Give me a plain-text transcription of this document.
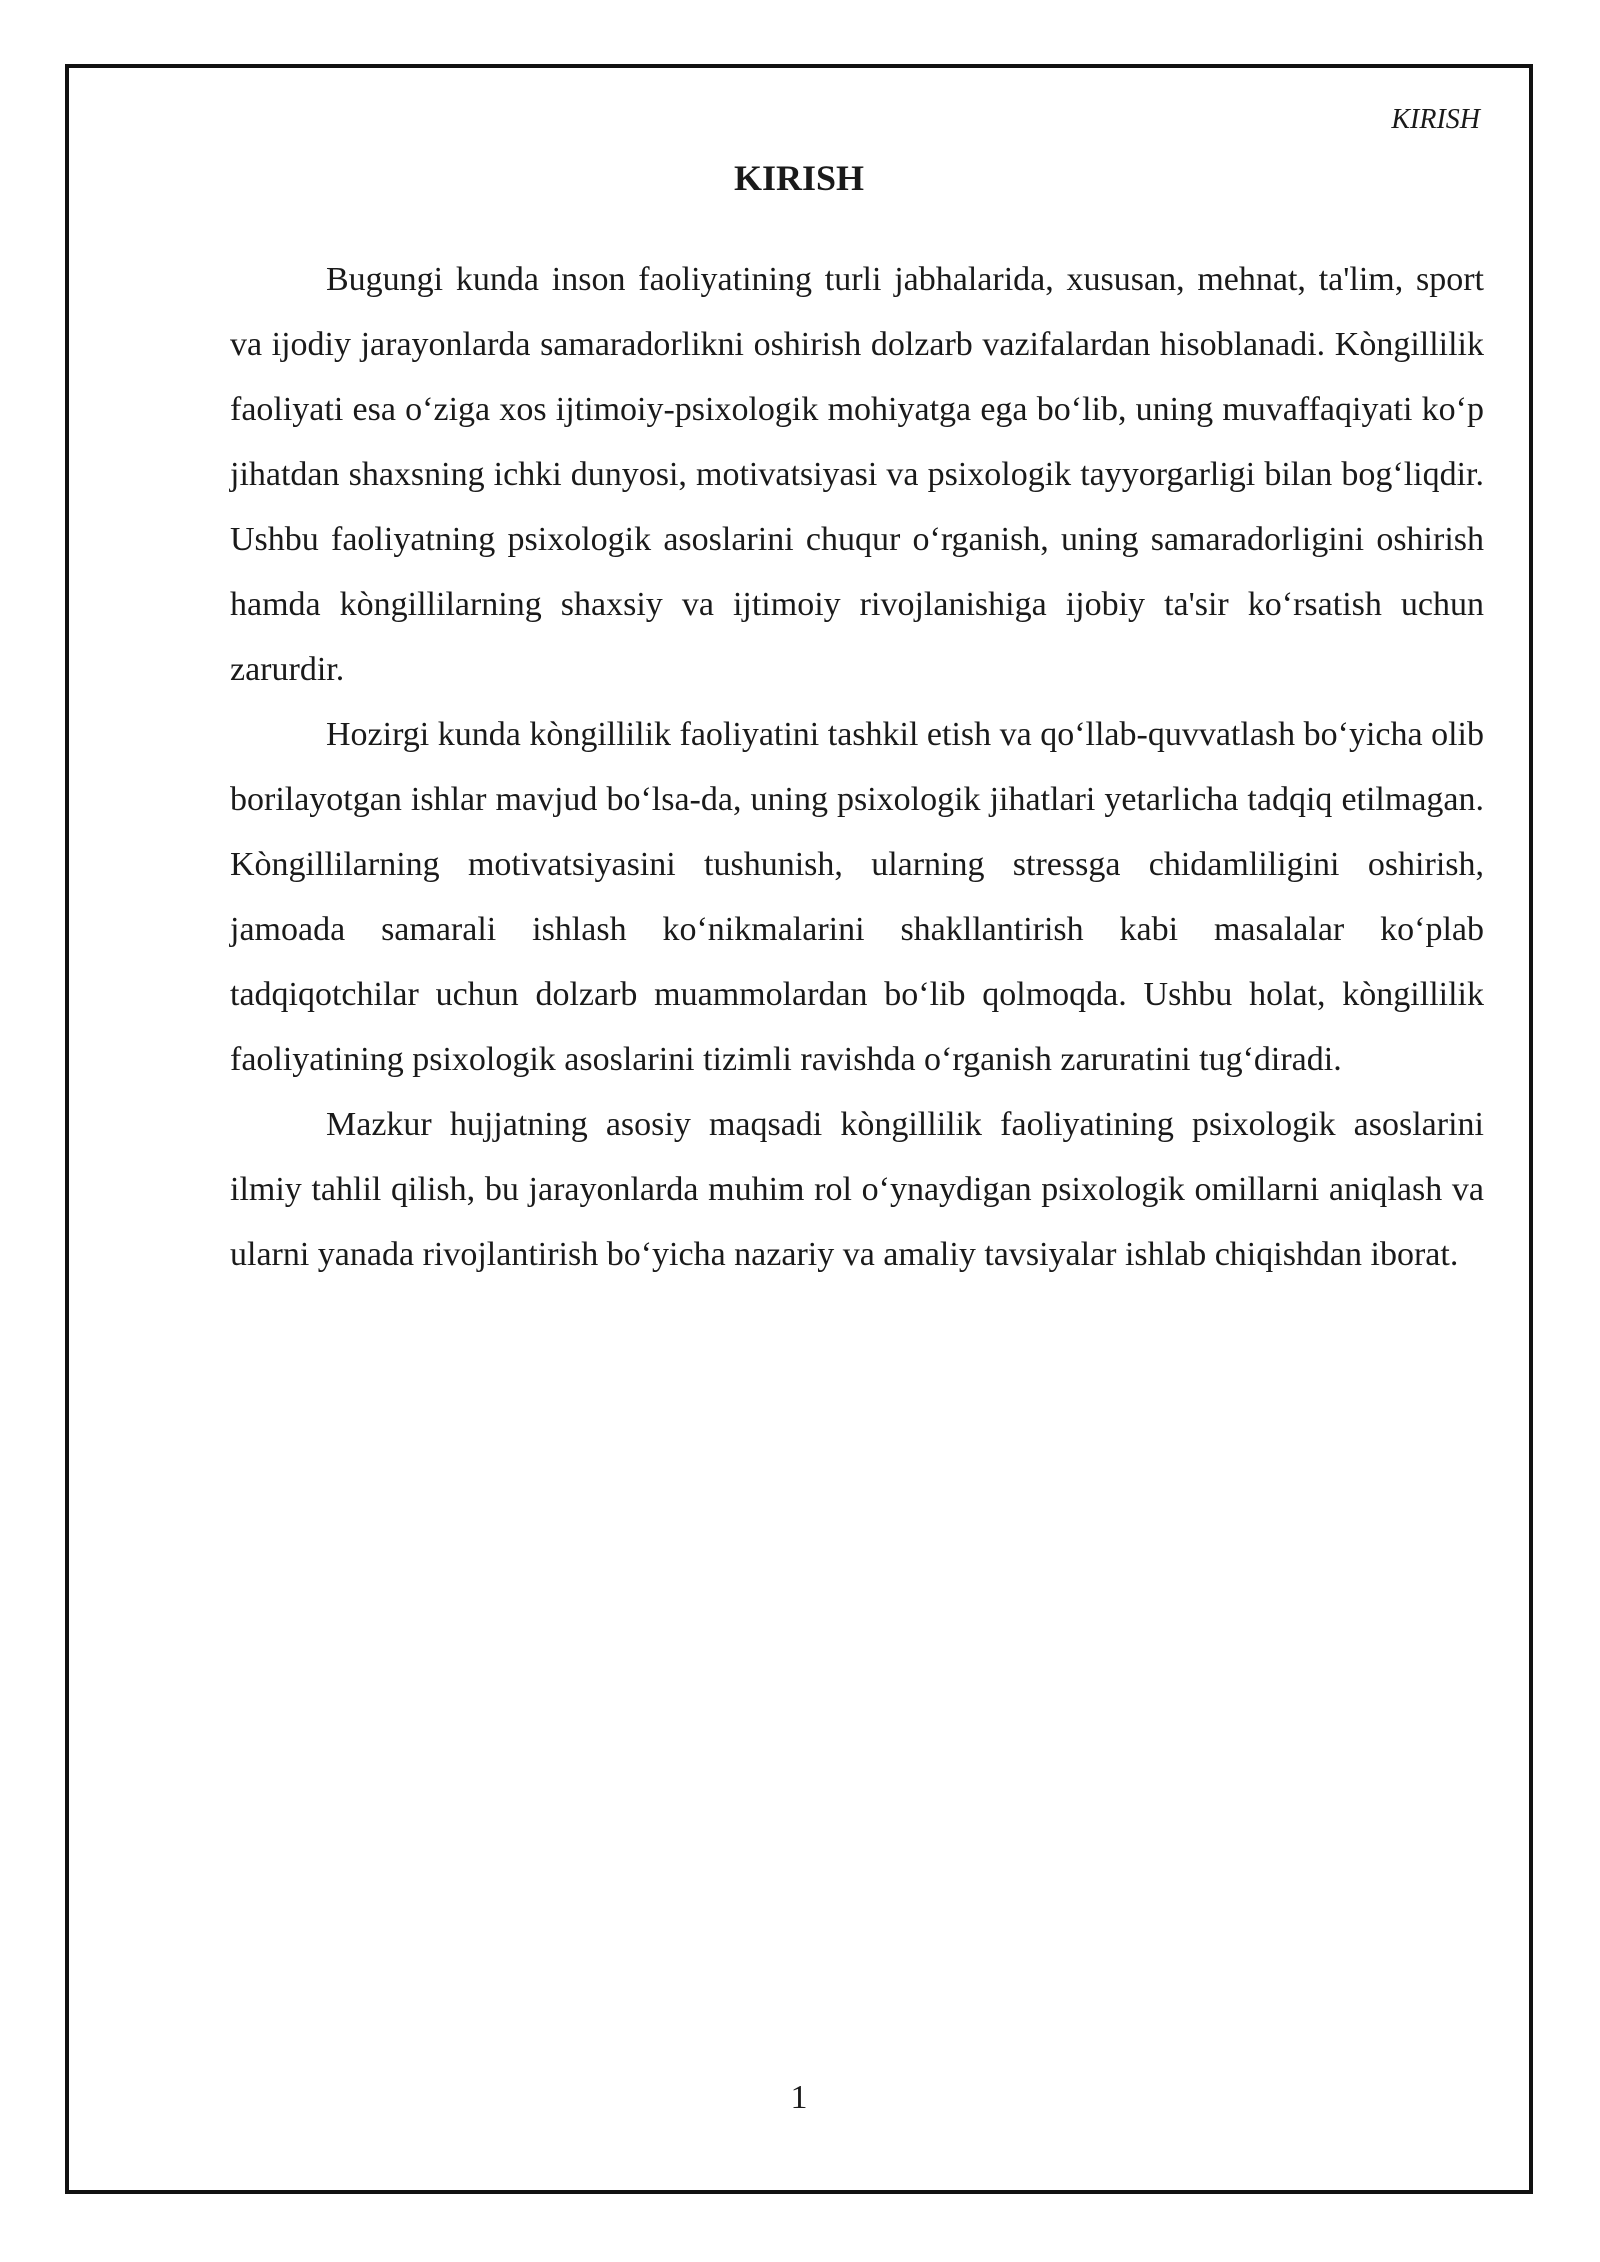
KIRISH
KIRISH

Bugungi kunda inson faoliyatining turli jabhalarida, xususan, mehnat, ta'lim, sport va ijodiy jarayonlarda samaradorlikni oshirish dolzarb vazifalardan hisoblanadi. Kòngillilik faoliyati esa o‘ziga xos ijtimoiy-psixologik mohiyatga ega bo‘lib, uning muvaffaqiyati ko‘p jihatdan shaxsning ichki dunyosi, motivatsiyasi va psixologik tayyorgarligi bilan bog‘liqdir. Ushbu faoliyatning psixologik asoslarini chuqur o‘rganish, uning samaradorligini oshirish hamda kòngillilarning shaxsiy va ijtimoiy rivojlanishiga ijobiy ta'sir ko‘rsatish uchun zarurdir.

Hozirgi kunda kòngillilik faoliyatini tashkil etish va qo‘llab-quvvatlash bo‘yicha olib borilayotgan ishlar mavjud bo‘lsa-da, uning psixologik jihatlari yetarlicha tadqiq etilmagan. Kòngillilarning motivatsiyasini tushunish, ularning stressga chidamliligini oshirish, jamoada samarali ishlash ko‘nikmalarini shakllantirish kabi masalalar ko‘plab tadqiqotchilar uchun dolzarb muammolardan bo‘lib qolmoqda. Ushbu holat, kòngillilik faoliyatining psixologik asoslarini tizimli ravishda o‘rganish zaruratini tug‘diradi.

Mazkur hujjatning asosiy maqsadi kòngillilik faoliyatining psixologik asoslarini ilmiy tahlil qilish, bu jarayonlarda muhim rol o‘ynaydigan psixologik omillarni aniqlash va ularni yanada rivojlantirish bo‘yicha nazariy va amaliy tavsiyalar ishlab chiqishdan iborat.

1
